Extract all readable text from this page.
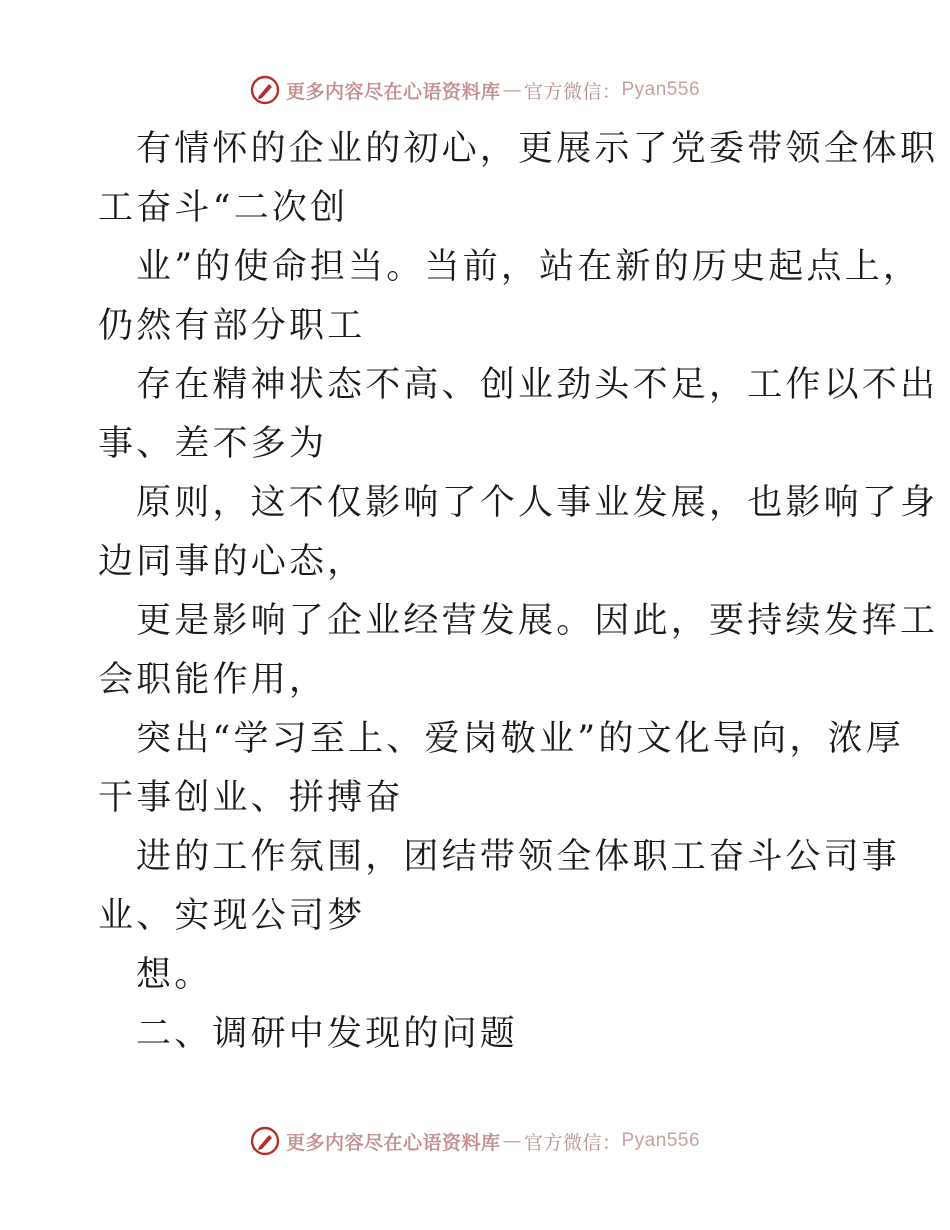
更多内容尽在心语资料库 — 官方微信： Pyan556

有情怀的企业的初心，更展示了党委带领全体职
工奋斗“二次创

业”的使命担当。当前，站在新的历史起点上，
仍然有部分职工

存在精神状态不高、创业劲头不足，工作以不出
事、差不多为

原则，这不仅影响了个人事业发展，也影响了身
边同事的心态，

更是影响了企业经营发展。因此，要持续发挥工
会职能作用，

突出“学习至上、爱岗敬业”的文化导向，浓厚
干事创业、拼搏奋

进的工作氛围，团结带领全体职工奋斗公司事
业、实现公司梦

想。

二、调研中发现的问题

更多内容尽在心语资料库 — 官方微信： Pyan556
